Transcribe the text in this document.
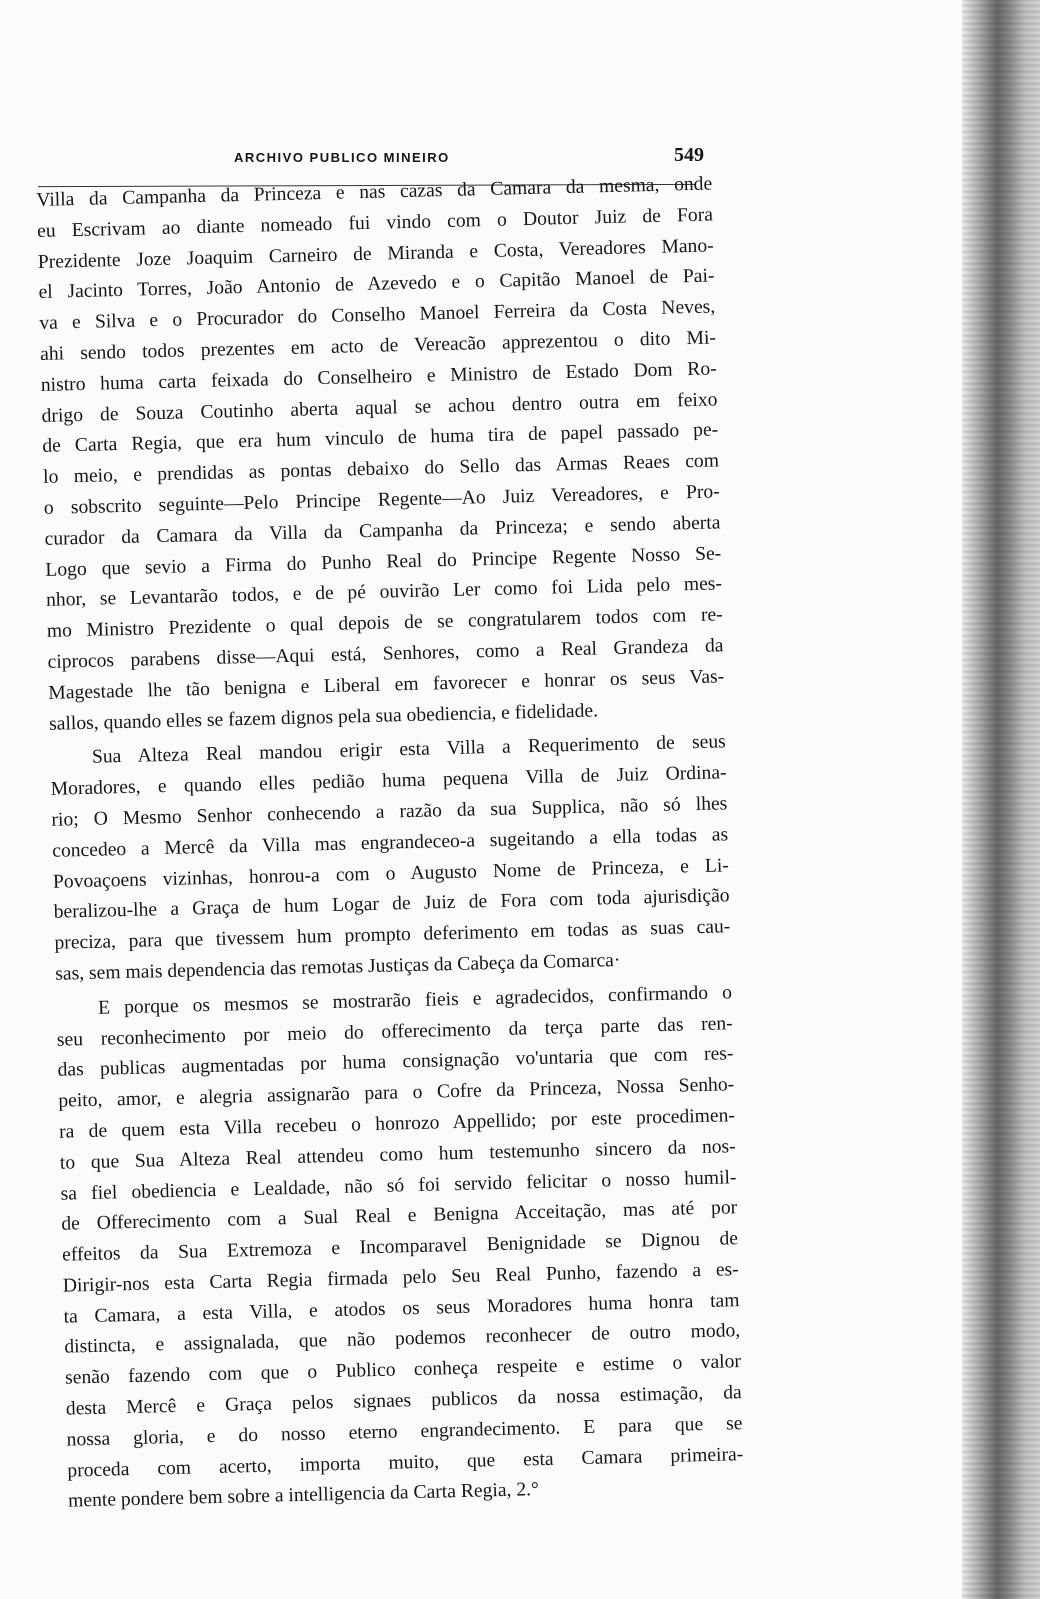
ARCHIVO PUBLICO MINEIRO	549
Villa da Campanha da Princeza e nas cazas da Camara da mesma, onde
eu Escrivam ao diante nomeado fui vindo com o Doutor Juiz de Fora
Prezidente Joze Joaquim Carneiro de Miranda e Costa, Vereadores Mano-
el Jacinto Torres, João Antonio de Azevedo e o Capitão Manoel de Pai-
va e Silva e o Procurador do Conselho Manoel Ferreira da Costa Neves,
ahi sendo todos prezentes em acto de Vereacão apprezentou o dito Mi-
nistro huma carta feixada do Conselheiro e Ministro de Estado Dom Ro-
drigo de Souza Coutinho aberta aqual se achou dentro outra em feixo
de Carta Regia, que era hum vinculo de huma tira de papel passado pe-
lo meio, e prendidas as pontas debaixo do Sello das Armas Reaes com
o sobscrito seguinte—Pelo Principe Regente—Ao Juiz Vereadores, e Pro-
curador da Camara da Villa da Campanha da Princeza; e sendo aberta
Logo que sevio a Firma do Punho Real do Principe Regente Nosso Se-
nhor, se Levantarão todos, e de pé ouvirão Ler como foi Lida pelo mes-
mo Ministro Prezidente o qual depois de se congratularem todos com re-
ciprocos parabens disse—Aqui está, Senhores, como a Real Grandeza da
Magestade lhe tão benigna e Liberal em favorecer e honrar os seus Vas-
sallos, quando elles se fazem dignos pela sua obediencia, e fidelidade.
Sua Alteza Real mandou erigir esta Villa a Requerimento de seus
Moradores, e quando elles pedião huma pequena Villa de Juiz Ordina-
rio; O Mesmo Senhor conhecendo a razão da sua Supplica, não só lhes
concedeo a Mercê da Villa mas engrandeceo-a sugeitando a ella todas as
Povoaçoens vizinhas, honrou-a com o Augusto Nome de Princeza, e Li-
beralizou-lhe a Graça de hum Logar de Juiz de Fora com toda ajurisdição
precizа, para que tivessem hum prompto deferimento em todas as suas cau-
sas, sem mais dependencia das remotas Justiças da Cabeça da Comarca·
E porque os mesmos se mostrarão fieis e agradecidos, confirmando o
seu reconhecimento por meio do offerecimento da terça parte das ren-
das publicas augmentadas por huma consignação vo'untaria que com res-
peito, amor, e alegria assignarão para o Cofre da Princeza, Nossa Senho-
ra de quem esta Villa recebeu o honrozo Appellido; por este procedimen-
to que Sua Alteza Real attendeu como hum testemunho sincero da nos-
sa fiel obediencia e Lealdade, não só foi servido felicitar o nosso humil-
de Offerecimento com a Sual Real e Benigna Acceitação, mas até por
effeitos da Sua Extremoza e Incomparavel Benignidade se Dignou de
Dirigir-nos esta Carta Regia firmada pelo Seu Real Punho, fazendo a es-
ta Camara, a esta Villa, e atodos os seus Moradores huma honra tam
distincta, e assignalada, que não podemos reconhecer de outro modo,
senão fazendo com que o Publico conheça respeite e estime o valor
desta Mercê e Graça pelos signaes publicos da nossa estimação, da
nossa gloria, e do nosso eterno engrandecimento. E para que se
proceda com acerto, importa muito, que esta Camara primeira-
mente pondere bem sobre a intelligencia da Carta Regia, 2.°
